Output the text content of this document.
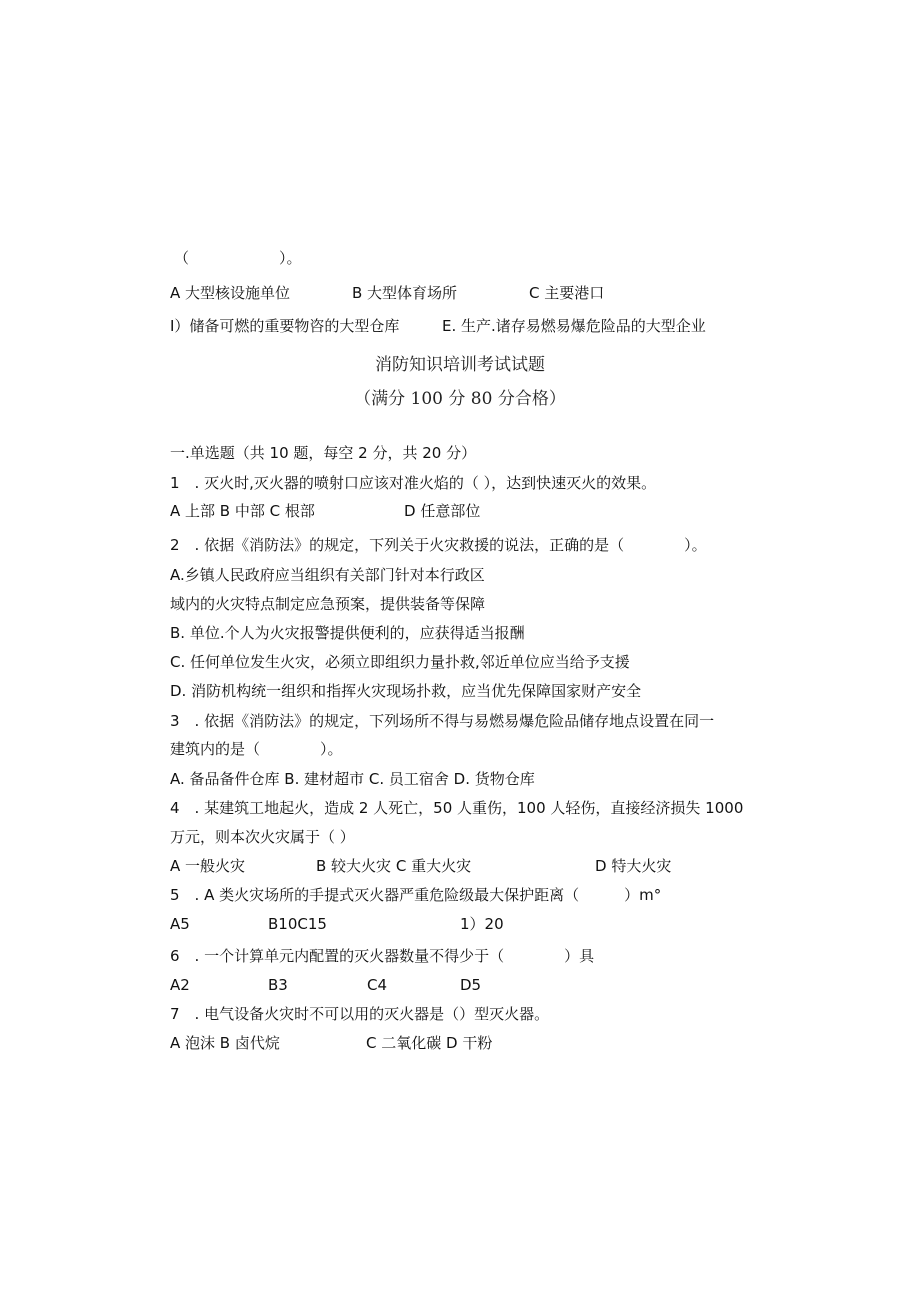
（　　　　　　）。

A 大型核设施单位

	B 大型体育场所

	C 主要港口

I）储备可燃的重要物咨的大型仓库

	E. 生产.诸存易燃易爆危险品的大型企业

消防知识培训考试试题
（满分 100 分 80 分合格）

一.单选题（共 10 题，每空 2 分，共 20 分）

1　. 灭火时,灭火器的喷射口应该对准火焰的（ ），达到快速灭火的效果。

A 上部 B 中部 C 根部

	D 任意部位

2　. 依据《消防法》的规定，下列关于火灾救援的说法，正确的是（　　　　）。

A.乡镇人民政府应当组织有关部门针对本行政区

域内的火灾特点制定应急预案，提供装备等保障

B. 单位.个人为火灾报警提供便利的，应获得适当报酬

C. 任何单位发生火灾，必须立即组织力量扑救,邻近单位应当给予支援

D. 消防机构统一组织和指挥火灾现场扑救，应当优先保障国家财产安全

3　. 依据《消防法》的规定，下列场所不得与易燃易爆危险品储存地点设置在同一

建筑内的是（　　　　）。

A. 备品备件仓库 B. 建材超市 C. 员工宿舍 D. 货物仓库

4　. 某建筑工地起火，造成 2 人死亡，50 人重伤，100 人轻伤，直接经济损失 1000

万元，则本次火灾属于（ ）

A 一般火灾

	B 较大火灾 C 重大火灾

	D 特大火灾

5　. A 类火灾场所的手提式灭火器严重危险级最大保护距离（　　　）m°

A5

	B10C15

	1）20

6　. 一个计算单元内配置的灭火器数量不得少于（　　　　）具

A2

	B3

	C4

	D5

7　. 电气设备火灾时不可以用的灭火器是（）型灭火器。

A 泡沫 B 卤代烷

	C 二氧化碳 D 干粉
